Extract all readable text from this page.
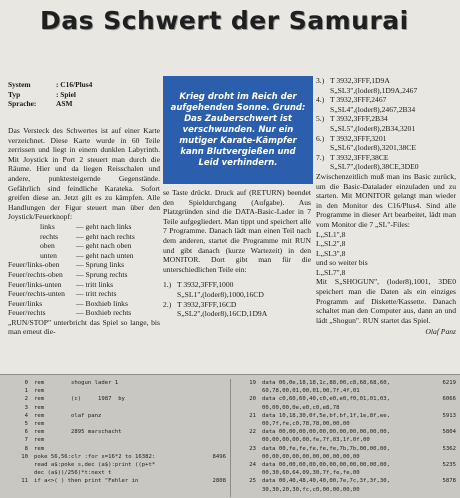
Das Schwert der Samurai
System	: C16/Plus4
Typ	: Spiel
Sprache:	ASM
Krieg droht im Reich der aufgehenden Sonne. Grund: Das Zauberschwert ist verschwunden. Nur ein mutiger Karate-Kämpfer kann Blutvergießen und Leid verhindern.
Das Versteck des Schwertes ist auf einer Karte verzeichnet. Diese Karte wurde in 60 Teile zerrissen und liegt in einem dunklen Labyrinth. Mit Joystick in Port 2 steuert man durch die Räume. Hier und da liegen Reisschalen und andere, punktesteigernde Gegenstände. Gefährlich sind feindliche Karateka. Sofort greifen diese an. Jetzt gilt es zu kämpfen. Alle Handlungen der Figur steuert man über den Joystick/Feuerknopf:
links	— geht nach links
rechts	— geht nach rechts
oben	— geht nach oben
unten	— geht nach unten
Feuer/links-oben	— Sprung links
Feuer/rechts-oben	— Sprung rechts
Feuer/links-unten	— tritt links
Feuer/rechts-unten	— tritt rechts
Feuer/links	— Boxhieb links
Feuer/rechts	— Boxhieb rechts
„RUN/STOP" unterbricht das Spiel so lange, bis man erneut die-
se Taste drückt. Druck auf (RETURN) beendet den Spieldurchgang (Aufgabe). Aus Platzgründen sind die DATA-Basic-Lader in 7 Teile aufgegliedert. Man tippt und speichert alle 7 Programme. Danach lädt man einen Teil nach dem anderen, startet die Programme mit RUN und gibt danach (kurze Wartezeit) in den MONITOR. Dort gibt man für die unterschiedlichen Teile ein:
1.) T 3932,3FFF,1000
S„SL1",(loder8),1000,16CD
2.) T 3932,3FFF,16CD
S„SL2",(loder8),16CD,1D9A
3.) T 3932,3FFF,1D9A
S„SL3",(loder8),1D9A,2467
4.) T 3932,3FFF,2467
S„SL4",(loder8),2467,2B34
5.) T 3932,3FFF,2B34
S„SL5",(loder8),2B34,3201
6.) T 3932,3FFF,3201
S„SL6",(loder8),3201,38CE
7.) T 3932,3FFF,38CE
S„SL7",(loder8),38CE,3DE0
Zwischenzeitlich muß man ins Basic zurück, um die Basic-Datalader einzuladen und zu starten. Mit MONITOR gelangt man wieder in den Monitor des C16/Plus4. Sind alle Programme in dieser Art bearbeitet, lädt man vom Monitor die 7 „SL"-Files:
L„SL1",8
L„SL2",8
L„SL3",8
und so weiter bis
L„SL7",8
Mit S„SHOGUN", (loder8),1001, 3DE0 speichert man die Daten als ein einziges Programm auf Diskette/Kassette. Danach schaltet man den Computer aus, dann an und lädt „Shogun". RUN startet das Spiel.
Olaf Panz
0 rem        shogun lader 1
1 rem
2 rem        (c)     1987  by
3 rem
4 rem        olaf panz
5 rem
6 rem        2895 marschacht
7 rem
8 rem
10 poke 56,56:clr :for s=16*2 to 16382:	8496
read a$:poke s,dec (a$):print ((p+t*
dec (a$))/256)*t:next t
11 if a<>( ) then print "Fehler in	2808
19 data 06,0e,18,18,1c,88,00,c8,68,68,60,	6219
60,78,00,01,00,01,00,7f,4f,01
20 data c0,60,60,40,c0,e0,e0,f0,01,01,03,	6066
00,00,00,0e,e0,c0,e8,78
21 data 10,18,30,0f,5e,bf,bf,1f,1e,8f,ee,	5913
00,7f,fe,c0,78,78,00,00,00
22 data 00,00,00,00,00,00,00,00,00,00,00,	5804
00,00,00,00,00,fe,7f,03,1f,0f,00
23 data 00,fe,fe,fe,fe,fe,7b,7b,00,00,00,	5362
00,00,00,00,00,00,00,00,00,00
24 data 00,00,00,00,00,00,00,00,00,00,00,	5235
00,30,60,64,09,30,7f,fe,fe,00
25 data 00,40,48,40,40,00,7e,7c,3f,3f,30,	5878
30,30,20,30,fc,c0,00,00,00,00
